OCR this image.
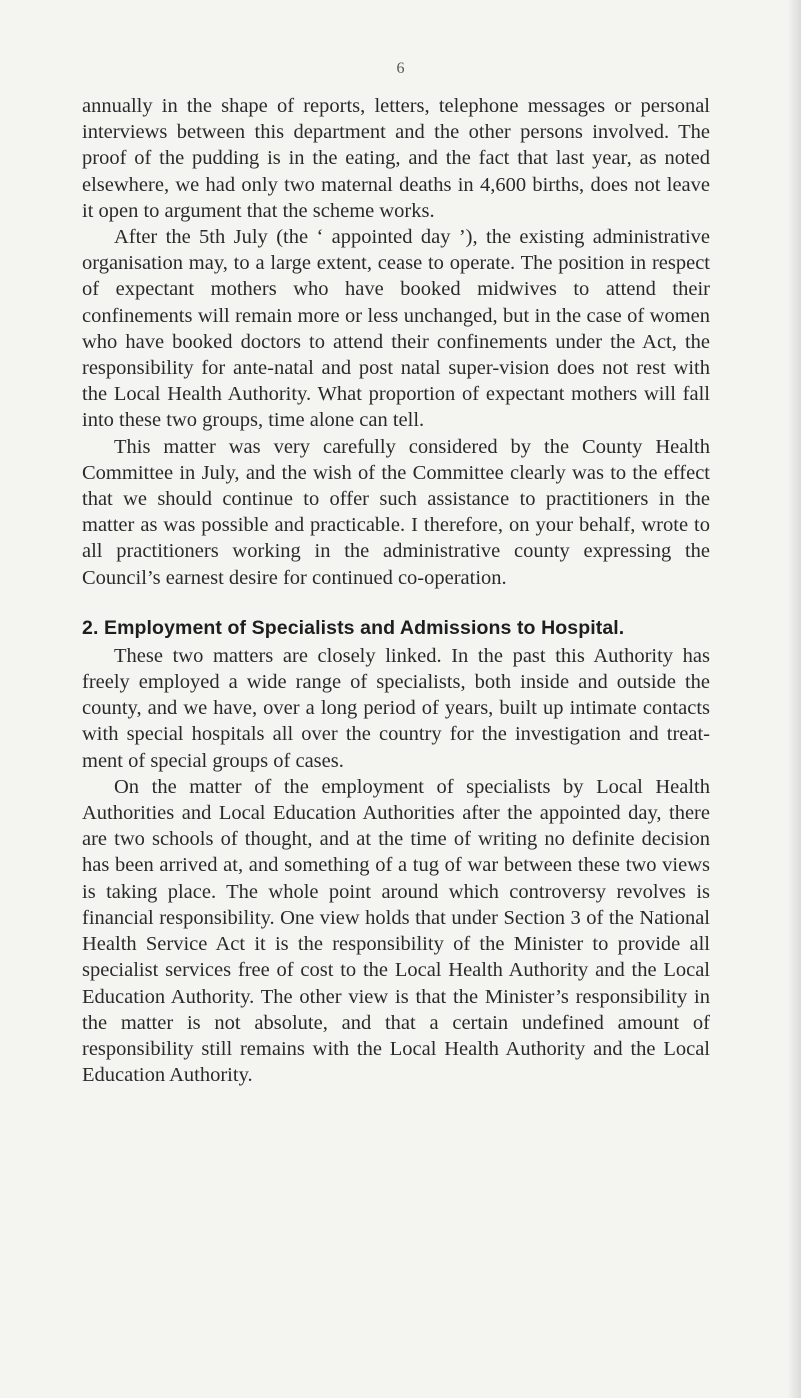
6

annually in the shape of reports, letters, telephone messages or personal interviews between this department and the other persons involved. The proof of the pudding is in the eating, and the fact that last year, as noted elsewhere, we had only two maternal deaths in 4,600 births, does not leave it open to argument that the scheme works.

After the 5th July (the ‘ appointed day ’), the existing administrative organisation may, to a large extent, cease to operate. The position in respect of expectant mothers who have booked midwives to attend their confinements will remain more or less unchanged, but in the case of women who have booked doctors to attend their confinements under the Act, the responsibility for ante-natal and post natal super-vision does not rest with the Local Health Authority. What proportion of expectant mothers will fall into these two groups, time alone can tell.

This matter was very carefully considered by the County Health Committee in July, and the wish of the Committee clearly was to the effect that we should continue to offer such assistance to practitioners in the matter as was possible and practicable. I therefore, on your behalf, wrote to all practitioners working in the administrative county expressing the Council’s earnest desire for continued co-operation.

2. Employment of Specialists and Admissions to Hospital.

These two matters are closely linked. In the past this Authority has freely employed a wide range of specialists, both inside and outside the county, and we have, over a long period of years, built up intimate contacts with special hospitals all over the country for the investigation and treat-ment of special groups of cases.

On the matter of the employment of specialists by Local Health Authorities and Local Education Authorities after the appointed day, there are two schools of thought, and at the time of writing no definite decision has been arrived at, and something of a tug of war between these two views is taking place. The whole point around which controversy revolves is financial responsibility. One view holds that under Section 3 of the National Health Service Act it is the responsibility of the Minister to provide all specialist services free of cost to the Local Health Authority and the Local Education Authority. The other view is that the Minister’s responsibility in the matter is not absolute, and that a certain undefined amount of responsibility still remains with the Local Health Authority and the Local Education Authority.
